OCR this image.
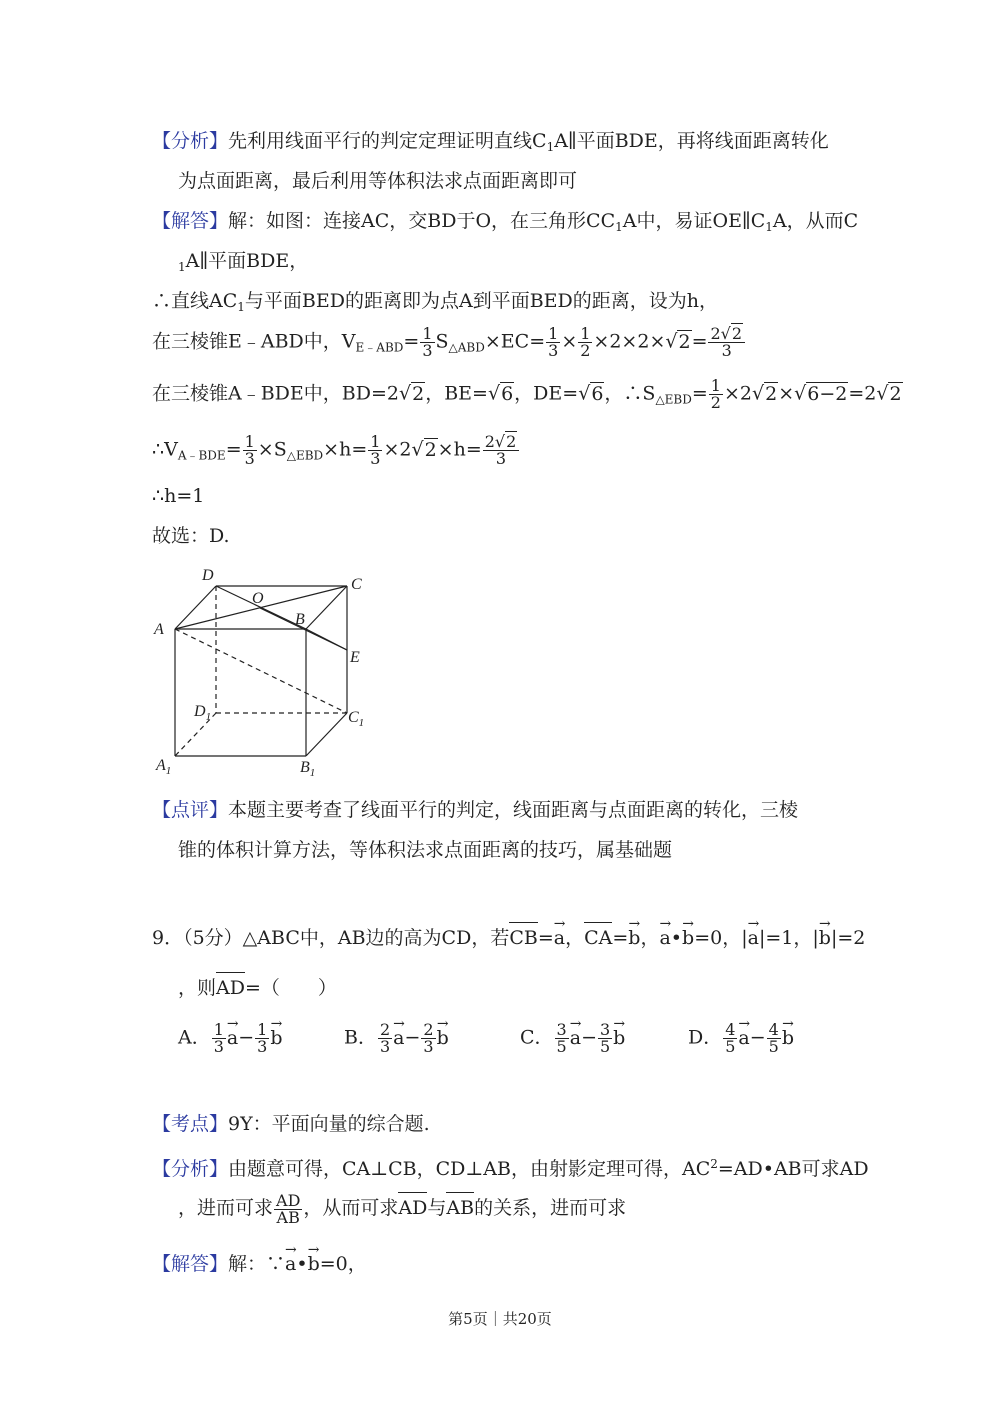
【分析】先利用线面平行的判定定理证明直线$C_1A\parallel$平面BDE，再将线面距离转化
为点面距离，最后利用等体积法求点面距离即可
【解答】解：如图：连接AC，交BD于O，在三角形$CC_1A$中，易证$OE\parallel C_1A$，从而C
$_1$A∥平面BDE，
∴直线$AC_1$与平面BED的距离即为点A到平面BED的距离，设为h，
在三棱锥E﹣ABD中，$V_{E﹣ABD}= \frac{1}{3} S_{\triangle ABD}\times EC= \frac{1}{3} \times \frac{1}{2} \times 2\times 2\times√2= \frac{2√2}{3}$
在三棱锥A﹣BDE中，BD=2√2，BE=√6，DE=√6，$\therefore S_{\triangle EBD}= \frac{1}{2} \times 2√2\times√6-2=2√2$
$\therefore V_{A﹣BDE}= \frac{1}{3} \times S_{\triangle EBD}\times h= \frac{1}{3} \times 2√2\times h= \frac{2√2}{3}$
∴h=1
故选：D.
D
C
O
B
A
E
$D_1$	$C_1$
$A_1$	$B_1$
【点评】本题主要考查了线面平行的判定，线面距离与点面距离的转化，三棱
锥的体积计算方法，等体积法求点面距离的技巧，属基础题
9．（5分）△ABC中，AB边的高为CD，若CB=→ a，CA=→ b，→ a•→ b=0，|→ a|=1，|→ b|=2
，则AD=（　　）
A． $\frac{1}{3}$
→ $a- \frac{1}{3}$
→ b	B． $\frac{2}{3}$
→ $a- \frac{2}{3}$
→ b	C． $\frac{3}{5}$
→ $a- \frac{3}{5}$
→ b	D． $\frac{4}{5}$
→ $a- \frac{4}{5}$
→ b
【考点】9Y：平面向量的综合题.
【分析】由题意可得，CA⊥CB，CD⊥AB，由射影定理可得，$AC^2=AD•AB$可求AD
，进而可求 $\frac{AD}{AB}$ ，从而可求AD与AB的关系，进而可求
【解答】解：∵→ a•→ b=0，
第5页｜共20页
